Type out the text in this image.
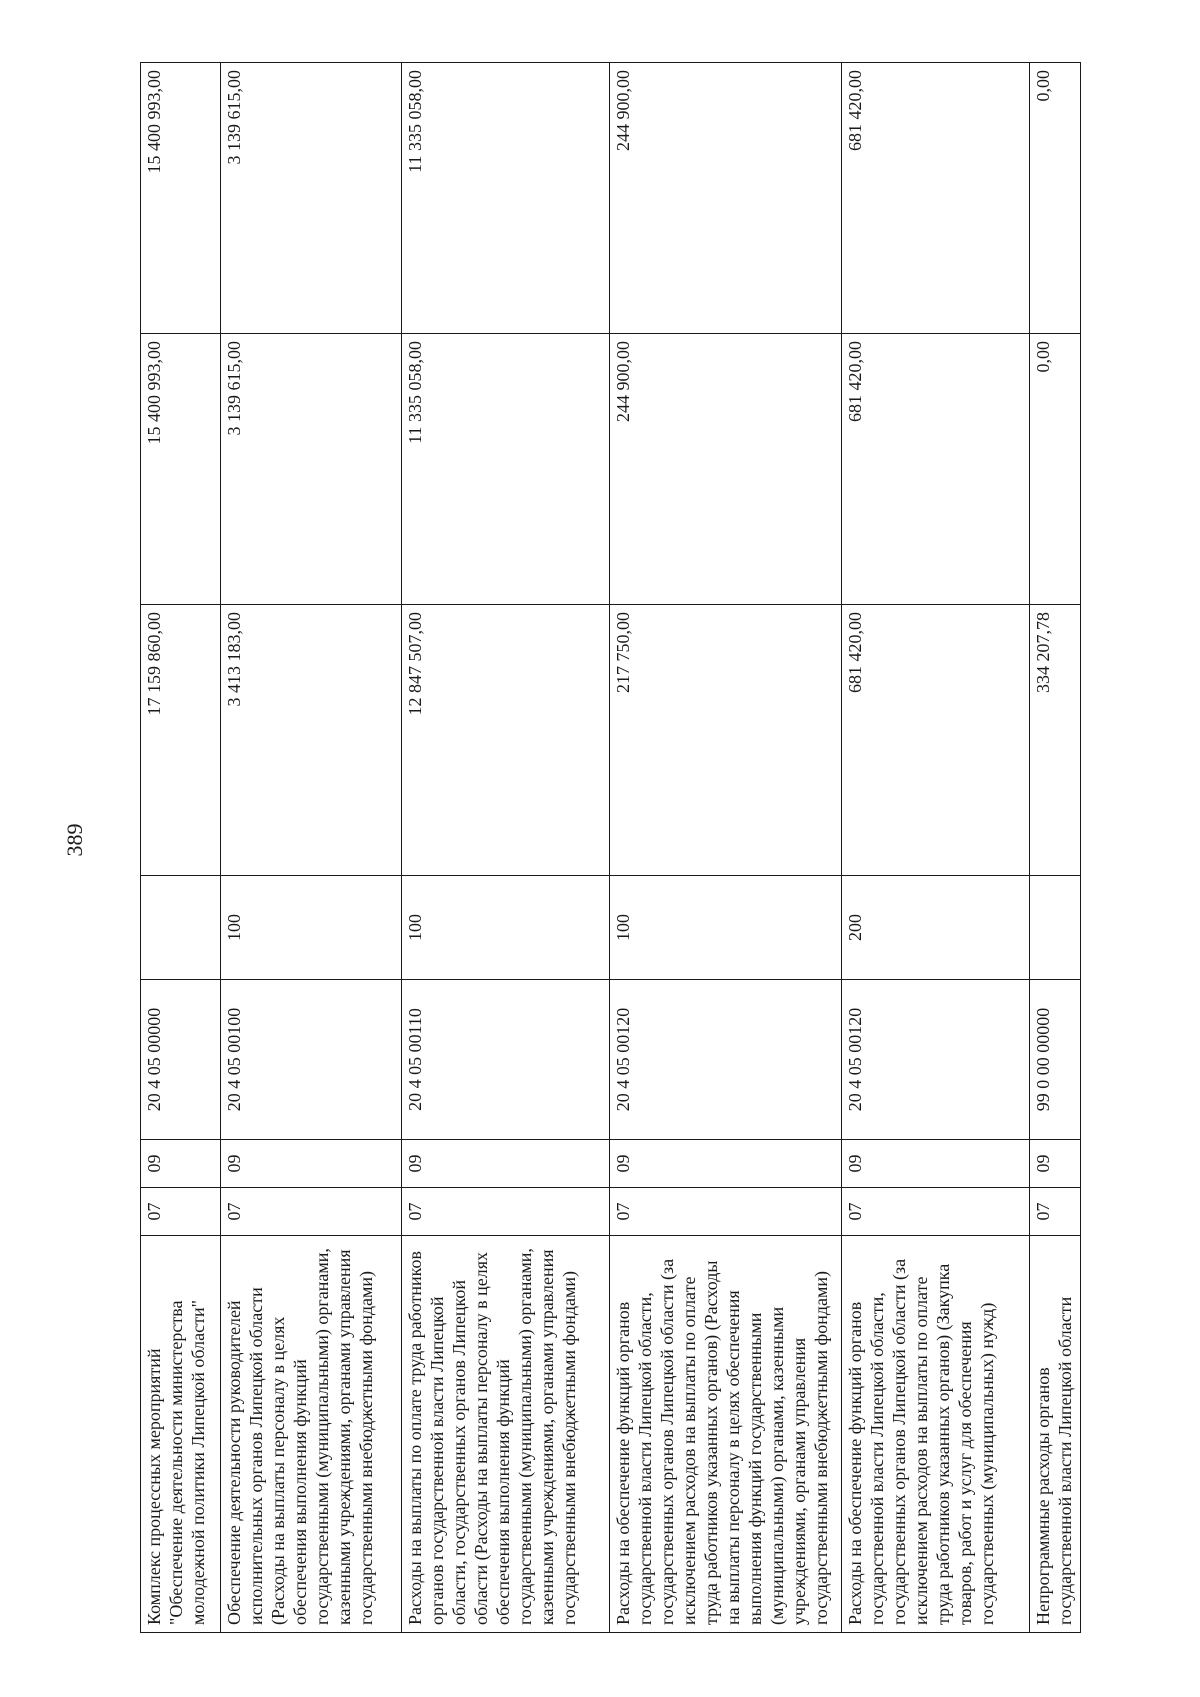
389
Комплекс процессных мероприятий "Обеспечение деятельности министерства молодежной политики Липецкой области"	07	09	20 4 05 00000		17 159 860,00	15 400 993,00	15 400 993,00
Обеспечение деятельности руководителей исполнительных органов Липецкой области (Расходы на выплаты персоналу в целях обеспечения выполнения функций государственными (муниципальными) органами, казенными учреждениями, органами управления государственными внебюджетными фондами)	07	09	20 4 05 00100	100	3 413 183,00	3 139 615,00	3 139 615,00
Расходы на выплаты по оплате труда работников органов государственной власти Липецкой области, государственных органов Липецкой области (Расходы на выплаты персоналу в целях обеспечения выполнения функций государственными (муниципальными) органами, казенными учреждениями, органами управления государственными внебюджетными фондами)	07	09	20 4 05 00110	100	12 847 507,00	11 335 058,00	11 335 058,00
Расходы на обеспечение функций органов государственной власти Липецкой области, государственных органов Липецкой области (за исключением расходов на выплаты по оплате труда работников указанных органов) (Расходы на выплаты персоналу в целях обеспечения выполнения функций государственными (муниципальными) органами, казенными учреждениями, органами управления государственными внебюджетными фондами)	07	09	20 4 05 00120	100	217 750,00	244 900,00	244 900,00
Расходы на обеспечение функций органов государственной власти Липецкой области, государственных органов Липецкой области (за исключением расходов на выплаты по оплате труда работников указанных органов) (Закупка товаров, работ и услуг для обеспечения государственных (муниципальных) нужд)	07	09	20 4 05 00120	200	681 420,00	681 420,00	681 420,00
Непрограммные расходы органов государственной власти Липецкой области	07	09	99 0 00 00000		334 207,78	0,00	0,00
